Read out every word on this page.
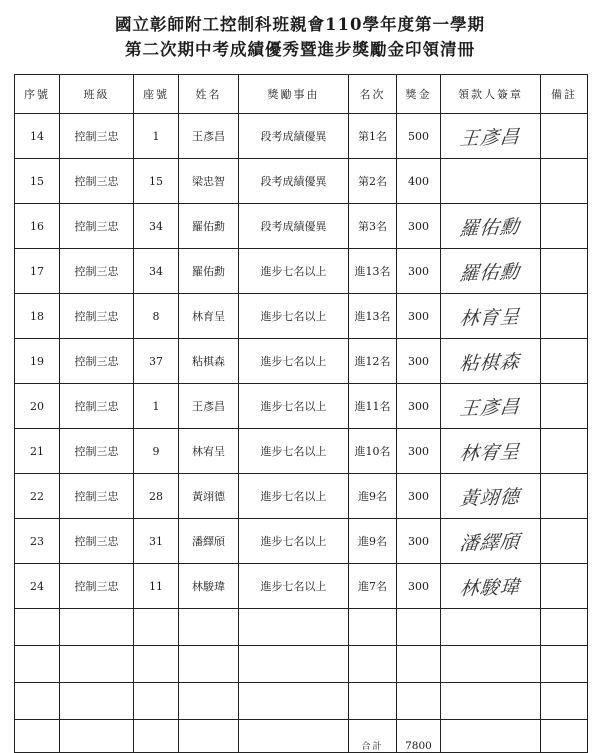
國立彰師附工控制科班親會110學年度第一學期
第二次期中考成績優秀暨進步獎勵金印領清冊
序號	班級	座號	姓名	獎勵事由	名次	獎金	領款人簽章	備註
14	控制三忠	1	王彥昌	段考成績優異	第1名	500	王彥昌	
15	控制三忠	15	梁忠智	段考成績優異	第2名	400		
16	控制三忠	34	羅佑勳	段考成績優異	第3名	300	羅佑勳	
17	控制三忠	34	羅佑勳	進步七名以上	進13名	300	羅佑勳	
18	控制三忠	8	林育呈	進步七名以上	進13名	300	林育呈	
19	控制三忠	37	粘棋森	進步七名以上	進12名	300	粘棋森	
20	控制三忠	1	王彥昌	進步七名以上	進11名	300	王彥昌	
21	控制三忠	9	林宥呈	進步七名以上	進10名	300	林宥呈	
22	控制三忠	28	黃翊德	進步七名以上	進9名	300	黃翊德	
23	控制三忠	31	潘繹頎	進步七名以上	進9名	300	潘繹頎	
24	控制三忠	11	林駿瑋	進步七名以上	進7名	300	林駿瑋	

					合計	7800		
